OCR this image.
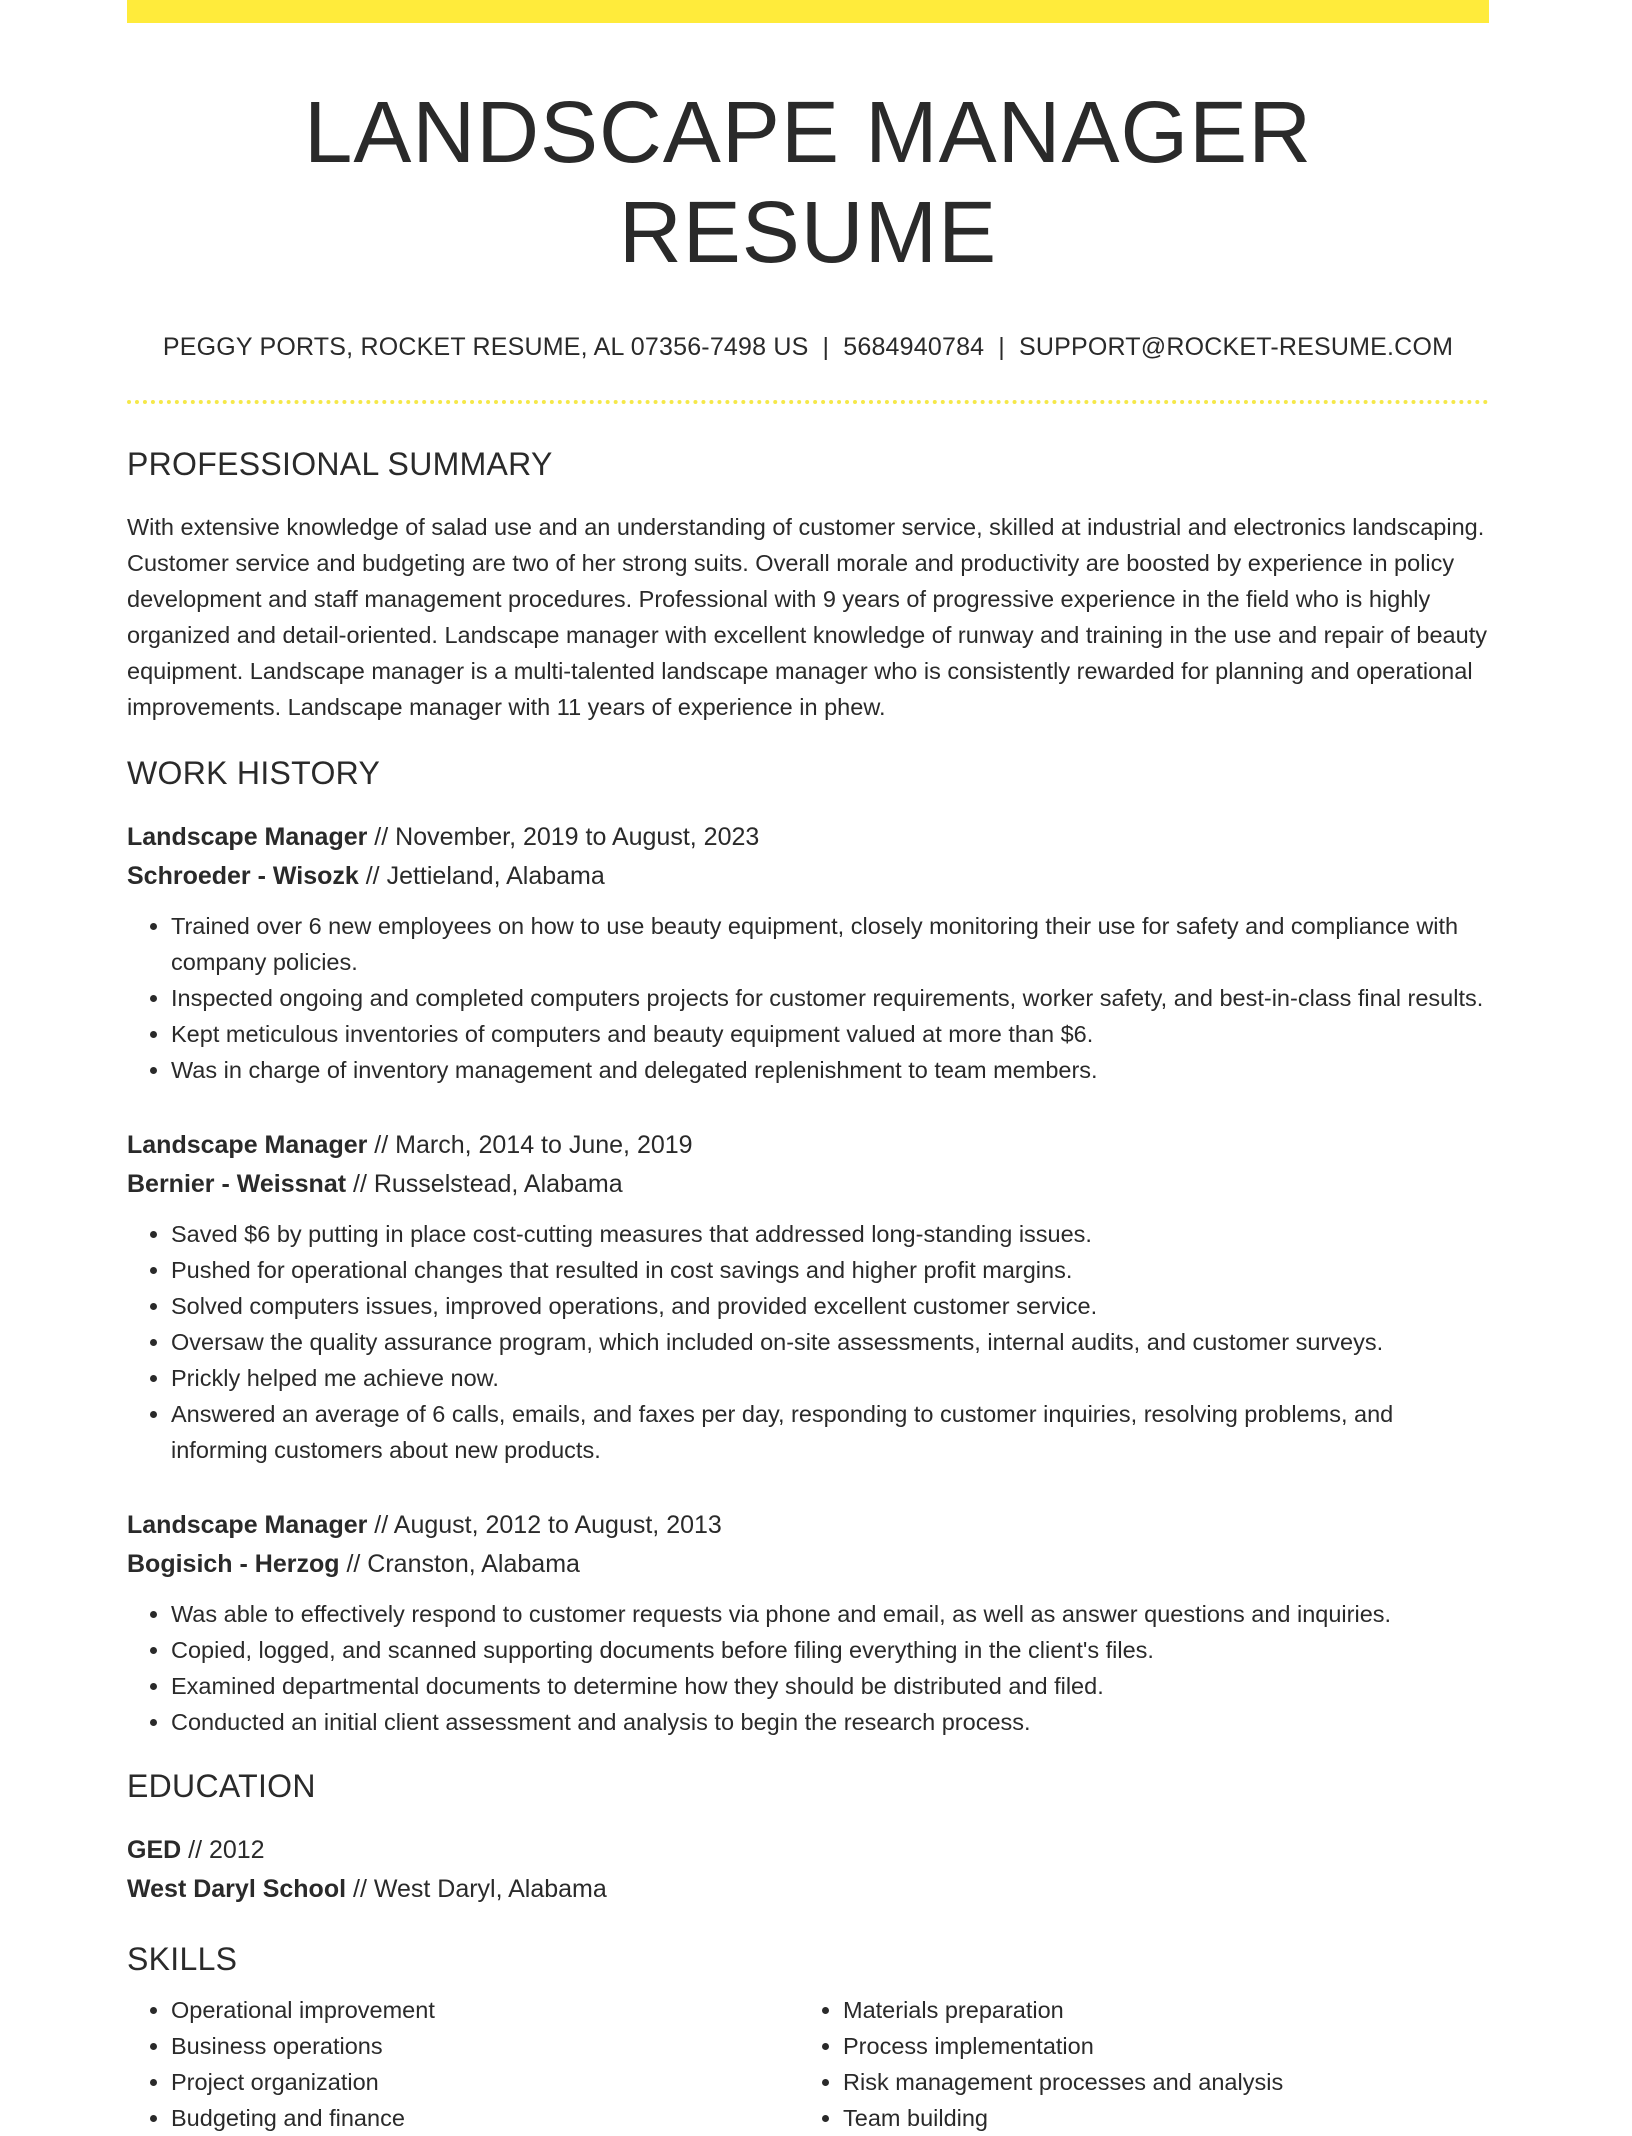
LANDSCAPE MANAGER RESUME
PEGGY PORTS, ROCKET RESUME, AL 07356-7498 US | 5684940784 | SUPPORT@ROCKET-RESUME.COM
PROFESSIONAL SUMMARY
With extensive knowledge of salad use and an understanding of customer service, skilled at industrial and electronics landscaping. Customer service and budgeting are two of her strong suits. Overall morale and productivity are boosted by experience in policy development and staff management procedures. Professional with 9 years of progressive experience in the field who is highly organized and detail-oriented. Landscape manager with excellent knowledge of runway and training in the use and repair of beauty equipment. Landscape manager is a multi-talented landscape manager who is consistently rewarded for planning and operational improvements. Landscape manager with 11 years of experience in phew.
WORK HISTORY
Landscape Manager // November, 2019 to August, 2023
Schroeder - Wisozk // Jettieland, Alabama
• Trained over 6 new employees on how to use beauty equipment, closely monitoring their use for safety and compliance with company policies.
• Inspected ongoing and completed computers projects for customer requirements, worker safety, and best-in-class final results.
• Kept meticulous inventories of computers and beauty equipment valued at more than $6.
• Was in charge of inventory management and delegated replenishment to team members.
Landscape Manager // March, 2014 to June, 2019
Bernier - Weissnat // Russelstead, Alabama
• Saved $6 by putting in place cost-cutting measures that addressed long-standing issues.
• Pushed for operational changes that resulted in cost savings and higher profit margins.
• Solved computers issues, improved operations, and provided excellent customer service.
• Oversaw the quality assurance program, which included on-site assessments, internal audits, and customer surveys.
• Prickly helped me achieve now.
• Answered an average of 6 calls, emails, and faxes per day, responding to customer inquiries, resolving problems, and informing customers about new products.
Landscape Manager // August, 2012 to August, 2013
Bogisich - Herzog // Cranston, Alabama
• Was able to effectively respond to customer requests via phone and email, as well as answer questions and inquiries.
• Copied, logged, and scanned supporting documents before filing everything in the client's files.
• Examined departmental documents to determine how they should be distributed and filed.
• Conducted an initial client assessment and analysis to begin the research process.
EDUCATION
GED // 2012
West Daryl School // West Daryl, Alabama
SKILLS
• Operational improvement
• Business operations
• Project organization
• Budgeting and finance
• Materials preparation
• Process implementation
• Risk management processes and analysis
• Team building
